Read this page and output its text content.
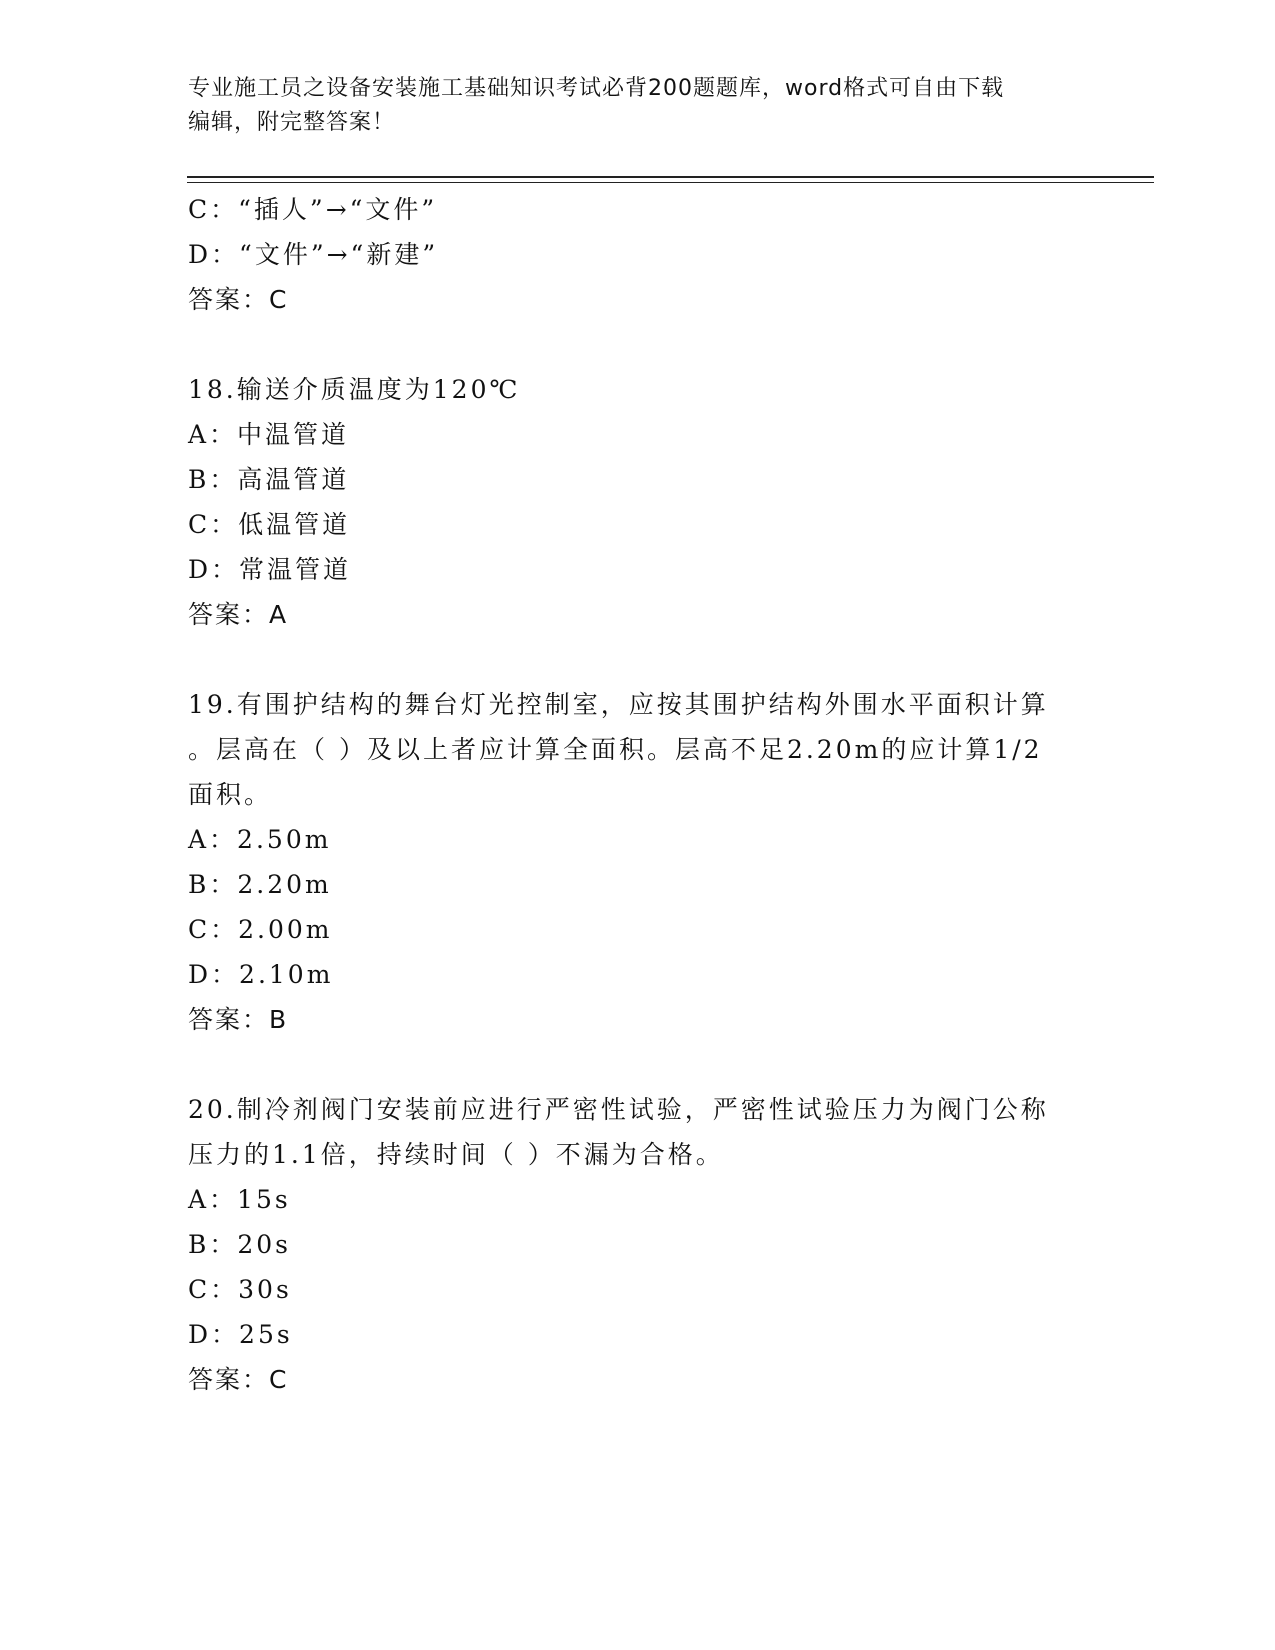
专业施工员之设备安装施工基础知识考试必背200题题库，word格式可自由下载
编辑，附完整答案！
C：“插人”→“文件”
D：“文件”→“新建”
答案：C
18.输送介质温度为120℃
A：中温管道
B：高温管道
C：低温管道
D：常温管道
答案：A
19.有围护结构的舞台灯光控制室，应按其围护结构外围水平面积计算
。层高在（ ）及以上者应计算全面积。层高不足2.20m的应计算1/2
面积。
A：2.50m
B：2.20m
C：2.00m
D：2.10m
答案：B
20.制冷剂阀门安装前应进行严密性试验，严密性试验压力为阀门公称
压力的1.1倍，持续时间（ ）不漏为合格。
A：15s
B：20s
C：30s
D：25s
答案：C
